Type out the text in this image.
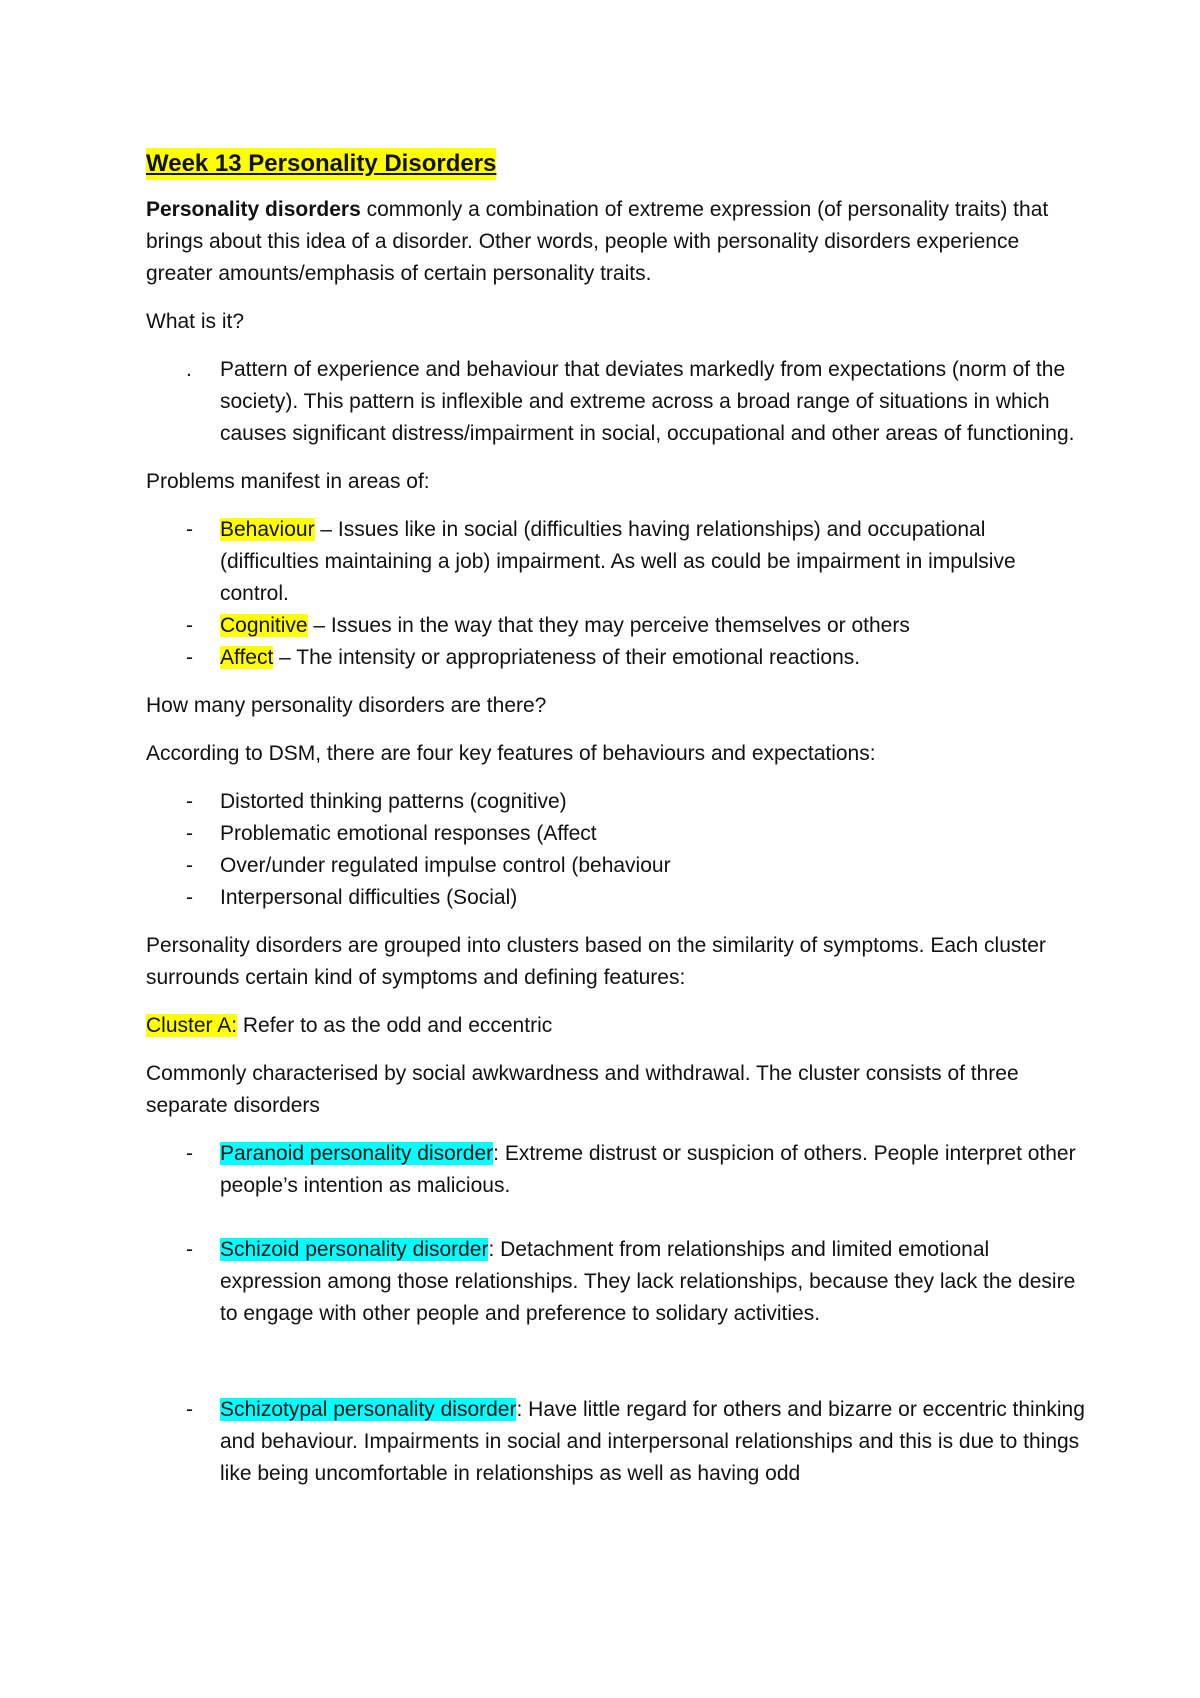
Week 13 Personality Disorders

Personality disorders commonly a combination of extreme expression (of personality traits) that brings about this idea of a disorder. Other words, people with personality disorders experience greater amounts/emphasis of certain personality traits.

What is it?

.	Pattern of experience and behaviour that deviates markedly from expectations (norm of the society). This pattern is inflexible and extreme across a broad range of situations in which causes significant distress/impairment in social, occupational and other areas of functioning.

Problems manifest in areas of:

-	Behaviour – Issues like in social (difficulties having relationships) and occupational (difficulties maintaining a job) impairment. As well as could be impairment in impulsive control.
-	Cognitive – Issues in the way that they may perceive themselves or others
-	Affect – The intensity or appropriateness of their emotional reactions.

How many personality disorders are there?

According to DSM, there are four key features of behaviours and expectations:

-	Distorted thinking patterns (cognitive)
-	Problematic emotional responses (Affect
-	Over/under regulated impulse control (behaviour
-	Interpersonal difficulties (Social)

Personality disorders are grouped into clusters based on the similarity of symptoms. Each cluster surrounds certain kind of symptoms and defining features:

Cluster A: Refer to as the odd and eccentric

Commonly characterised by social awkwardness and withdrawal. The cluster consists of three separate disorders

-	Paranoid personality disorder: Extreme distrust or suspicion of others. People interpret other people’s intention as malicious.
-	Schizoid personality disorder: Detachment from relationships and limited emotional expression among those relationships. They lack relationships, because they lack the desire to engage with other people and preference to solidary activities.
-	Schizotypal personality disorder: Have little regard for others and bizarre or eccentric thinking and behaviour. Impairments in social and interpersonal relationships and this is due to things like being uncomfortable in relationships as well as having odd
